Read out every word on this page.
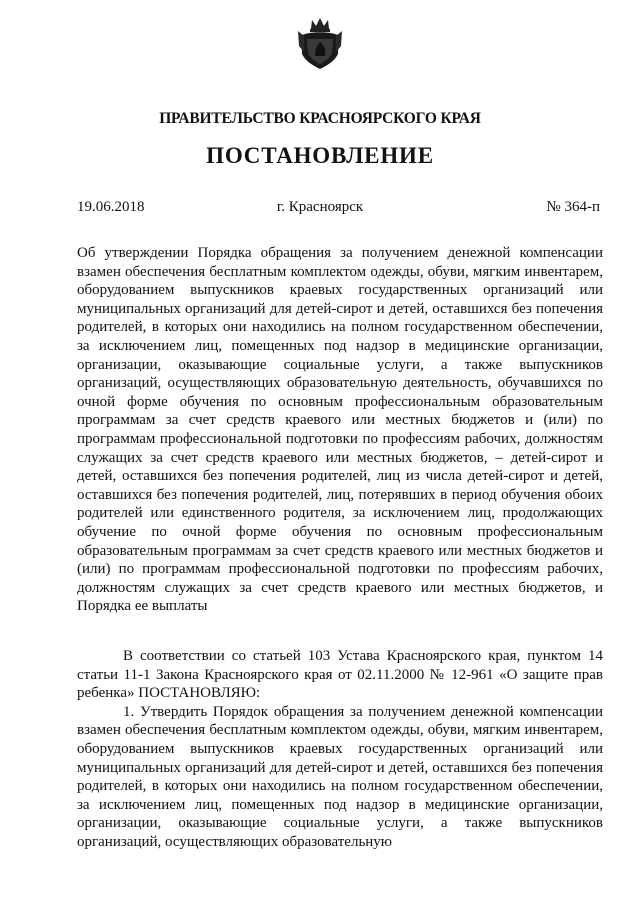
ПРАВИТЕЛЬСТВО КРАСНОЯРСКОГО КРАЯ
ПОСТАНОВЛЕНИЕ
19.06.2018	г. Красноярск	№ 364-п
Об утверждении Порядка обращения за получением денежной компенсации взамен обеспечения бесплатным комплектом одежды, обуви, мягким инвентарем, оборудованием выпускников краевых государственных организаций или муниципальных организаций для детей-сирот и детей, оставшихся без попечения родителей, в которых они находились на полном государственном обеспечении, за исключением лиц, помещенных под надзор в медицинские организации, организации, оказывающие социальные услуги, а также выпускников организаций, осуществляющих образовательную деятельность, обучавшихся по очной форме обучения по основным профессиональным образовательным программам за счет средств краевого или местных бюджетов и (или) по программам профессиональной подготовки по профессиям рабочих, должностям служащих за счет средств краевого или местных бюджетов, – детей-сирот и детей, оставшихся без попечения родителей, лиц из числа детей-сирот и детей, оставшихся без попечения родителей, лиц, потерявших в период обучения обоих родителей или единственного родителя, за исключением лиц, продолжающих обучение по очной форме обучения по основным профессиональным образовательным программам за счет средств краевого или местных бюджетов и (или) по программам профессиональной подготовки по профессиям рабочих, должностям служащих за счет средств краевого или местных бюджетов, и Порядка ее выплаты

В соответствии со статьей 103 Устава Красноярского края, пунктом 14 статьи 11-1 Закона Красноярского края от 02.11.2000 № 12-961 «О защите прав ребенка» ПОСТАНОВЛЯЮ:

1. Утвердить Порядок обращения за получением денежной компенсации взамен обеспечения бесплатным комплектом одежды, обуви, мягким инвентарем, оборудованием выпускников краевых государственных организаций или муниципальных организаций для детей-сирот и детей, оставшихся без попечения родителей, в которых они находились на полном государственном обеспечении, за исключением лиц, помещенных под надзор в медицинские организации, организации, оказывающие социальные услуги, а также выпускников организаций, осуществляющих образовательную
